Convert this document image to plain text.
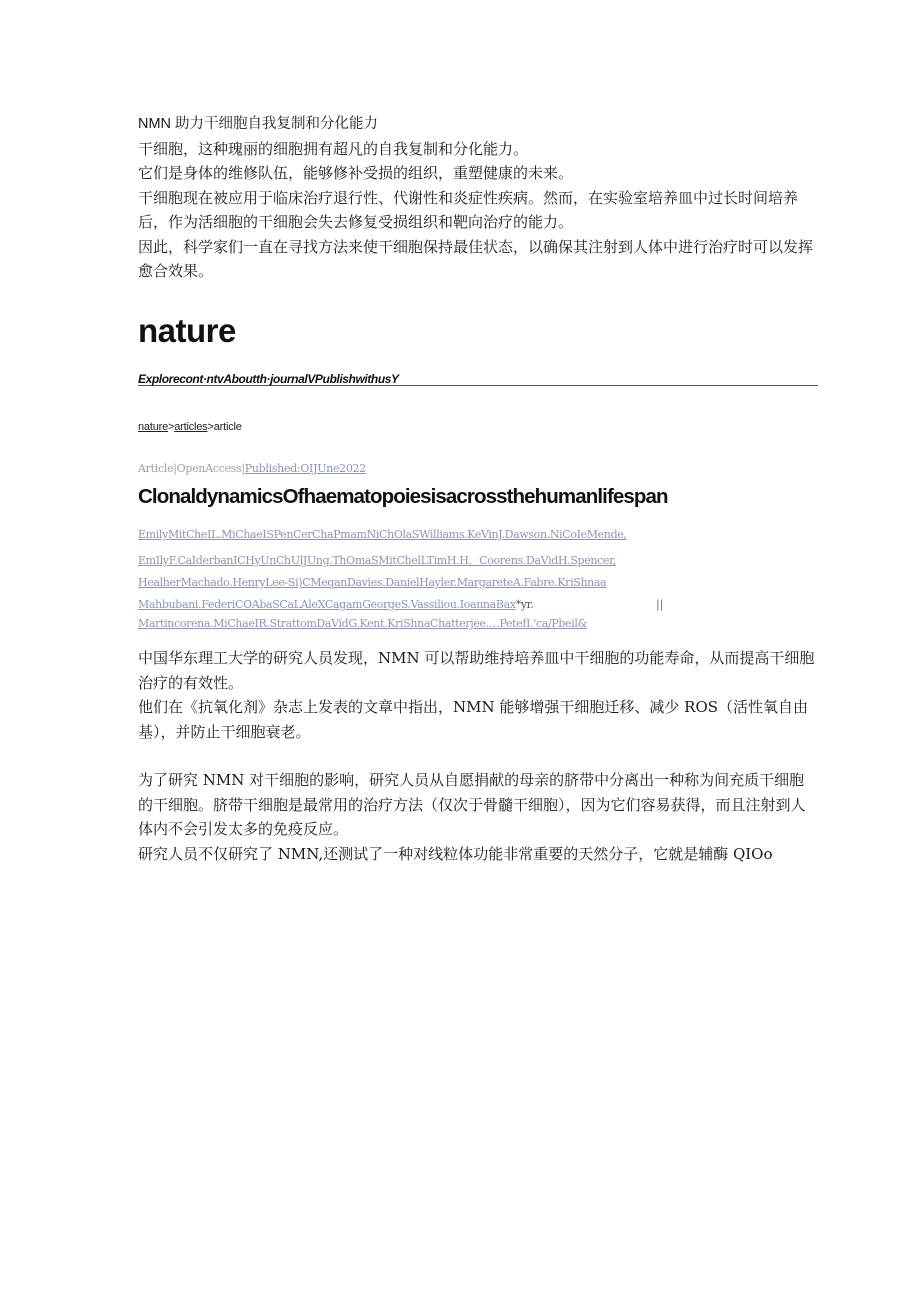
NMN 助力干细胞自我复制和分化能力

干细胞，这种瑰丽的细胞拥有超凡的自我复制和分化能力。

它们是身体的维修队伍，能够修补受损的组织，重塑健康的未来。

干细胞现在被应用于临床治疗退行性、代谢性和炎症性疾病。然而，在实验室培养皿中过长时间培养后，作为活细胞的干细胞会失去修复受损组织和靶向治疗的能力。

因此，科学家们一直在寻找方法来使干细胞保持最佳状态，以确保其注射到人体中进行治疗时可以发挥愈合效果。

nature
Explorecont·ntvAboutth·journalVPublishwithusY
nature>articles>article
Article|OpenAccess|Published:OIJUne2022
ClonaldynamicsOfhaematopoiesisacrossthehumanlifespan
EmilyMitCheIL.MiChaeISPenCerChaPmamNiChOlaSWilliams.KeVinJ.Dawson.NiCoIeMende,
EmIlyF.CaIderbanICHyUnChUlJUng.ThOmaSMitChelLTimH.H．Coorens.DaVidH.Spencer,
HealherMachado.HenryLee-Si)CMeqanDavies.DanielHayler.MargareteA.Fabre.KriShnaa
Mahbubani.FederiCOAbaSCaLAleXCagamGeorgeS.Vassiliou.IoannaBax*yr.	||
Martincorena.MiChaeIR.StrattomDaVidG.Kent.KriShnaChatterjee.…PetefI.'ca/Pbeil&

中国华东理工大学的研究人员发现，NMN 可以帮助维持培养皿中干细胞的功能寿命，从而提高干细胞治疗的有效性。

他们在《抗氧化剂》杂志上发表的文章中指出，NMN 能够增强干细胞迁移、减少 ROS（活性氧自由基），并防止干细胞衰老。

为了研究 NMN 对干细胞的影响，研究人员从自愿捐献的母亲的脐带中分离出一种称为间充质干细胞的干细胞。脐带干细胞是最常用的治疗方法（仅次于骨髓干细胞），因为它们容易获得，而且注射到人体内不会引发太多的免疫反应。

研究人员不仅研究了 NMN,还测试了一种对线粒体功能非常重要的天然分子，它就是辅酶 QIOo
